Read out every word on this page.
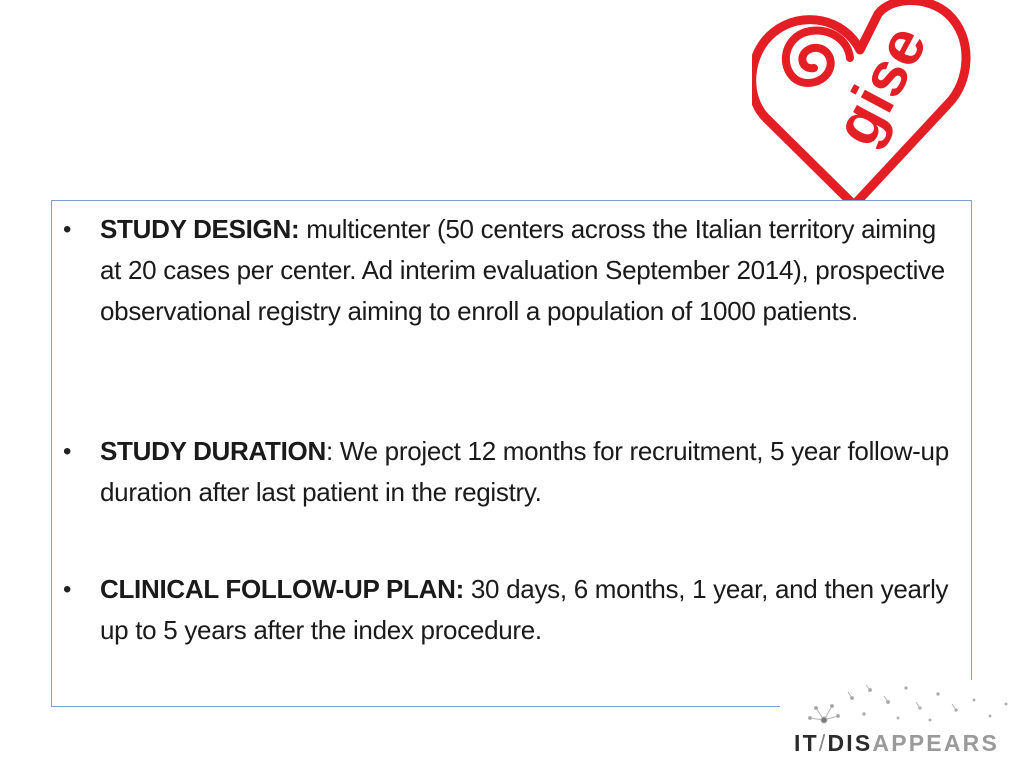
gise
• STUDY DESIGN: multicenter (50 centers across the Italian territory aiming at 20 cases per center. Ad interim evaluation September 2014), prospective observational registry aiming to enroll a population of 1000 patients.
• STUDY DURATION: We project 12 months for recruitment, 5 year follow-up duration after last patient in the registry.
• CLINICAL FOLLOW-UP PLAN: 30 days, 6 months, 1 year, and then yearly up to 5 years after the index procedure.
IT/DISAPPEARS
